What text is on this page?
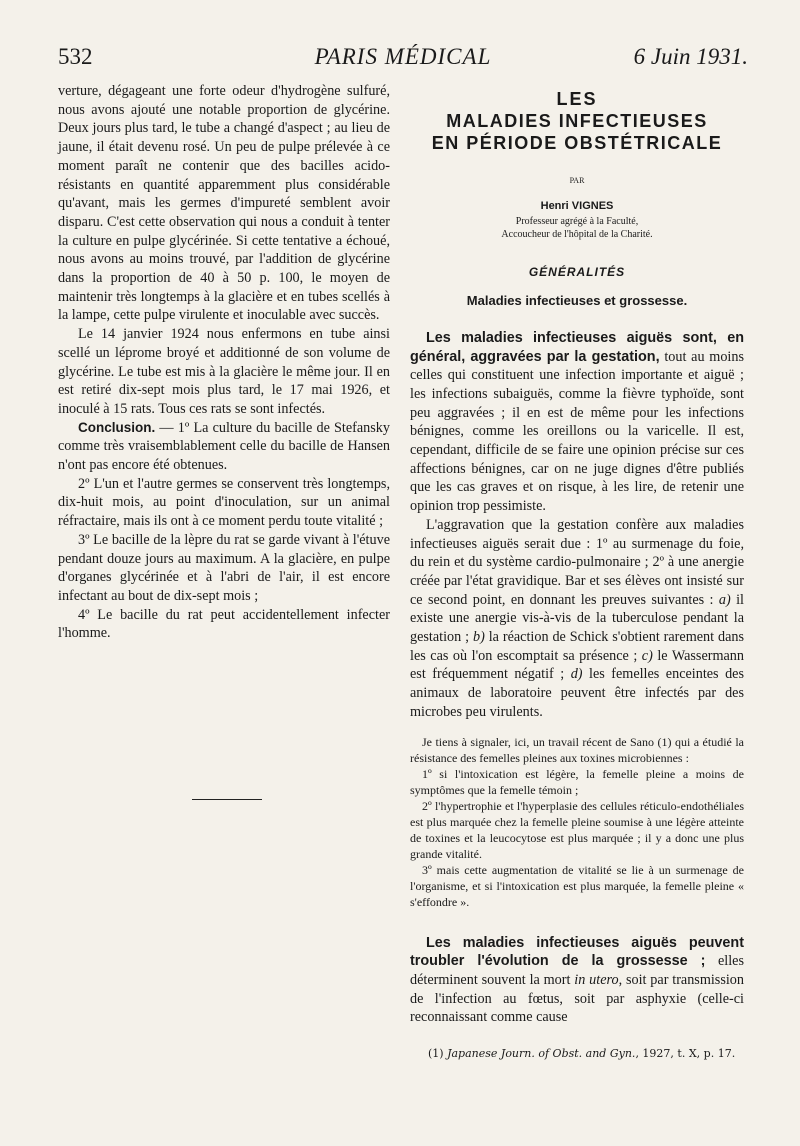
532	PARIS MÉDICAL	6 Juin 1931.

verture, dégageant une forte odeur d'hydrogène sulfuré, nous avons ajouté une notable proportion de glycérine. Deux jours plus tard, le tube a changé d'aspect ; au lieu de jaune, il était devenu rosé. Un peu de pulpe prélevée à ce moment paraît ne contenir que des bacilles acido-résistants en quantité apparemment plus considérable qu'avant, mais les germes d'impureté semblent avoir disparu. C'est cette observation qui nous a conduit à tenter la culture en pulpe glycérinée. Si cette tentative a échoué, nous avons au moins trouvé, par l'addition de glycérine dans la proportion de 40 à 50 p. 100, le moyen de maintenir très longtemps à la glacière et en tubes scellés à la lampe, cette pulpe virulente et inoculable avec succès.

Le 14 janvier 1924 nous enfermons en tube ainsi scellé un léprome broyé et additionné de son volume de glycérine. Le tube est mis à la glacière le même jour. Il en est retiré dix-sept mois plus tard, le 17 mai 1926, et inoculé à 15 rats. Tous ces rats se sont infectés.

Conclusion. — 1º La culture du bacille de Stefansky comme très vraisemblablement celle du bacille de Hansen n'ont pas encore été obtenues.

2º L'un et l'autre germes se conservent très longtemps, dix-huit mois, au point d'inoculation, sur un animal réfractaire, mais ils ont à ce moment perdu toute vitalité ;

3º Le bacille de la lèpre du rat se garde vivant à l'étuve pendant douze jours au maximum. A la glacière, en pulpe d'organes glycérinée et à l'abri de l'air, il est encore infectant au bout de dix-sept mois ;

4º Le bacille du rat peut accidentellement infecter l'homme.

LES
MALADIES INFECTIEUSES
EN PÉRIODE OBSTÉTRICALE
PAR
Henri VIGNES
Professeur agrégé à la Faculté,
Accoucheur de l'hôpital de la Charité.
GÉNÉRALITÉS
Maladies infectieuses et grossesse.

Les maladies infectieuses aiguës sont, en général, aggravées par la gestation, tout au moins celles qui constituent une infection importante et aiguë ; les infections subaiguës, comme la fièvre typhoïde, sont peu aggravées ; il en est de même pour les infections bénignes, comme les oreillons ou la varicelle. Il est, cependant, difficile de se faire une opinion précise sur ces affections bénignes, car on ne juge dignes d'être publiés que les cas graves et on risque, à les lire, de retenir une opinion trop pessimiste.

L'aggravation que la gestation confère aux maladies infectieuses aiguës serait due : 1º au surmenage du foie, du rein et du système cardio-pulmonaire ; 2º à une anergie créée par l'état gravidique. Bar et ses élèves ont insisté sur ce second point, en donnant les preuves suivantes : a) il existe une anergie vis-à-vis de la tuberculose pendant la gestation ; b) la réaction de Schick s'obtient rarement dans les cas où l'on escomptait sa présence ; c) le Wassermann est fréquemment négatif ; d) les femelles enceintes des animaux de laboratoire peuvent être infectés par des microbes peu virulents.

Je tiens à signaler, ici, un travail récent de Sano (1) qui a étudié la résistance des femelles pleines aux toxines microbiennes :

1º si l'intoxication est légère, la femelle pleine a moins de symptômes que la femelle témoin ;

2º l'hypertrophie et l'hyperplasie des cellules réticulo-endothéliales est plus marquée chez la femelle pleine soumise à une légère atteinte de toxines et la leucocytose est plus marquée ; il y a donc une plus grande vitalité.

3º mais cette augmentation de vitalité se lie à un surmenage de l'organisme, et si l'intoxication est plus marquée, la femelle pleine « s'effondre ».

Les maladies infectieuses aiguës peuvent troubler l'évolution de la grossesse ; elles déterminent souvent la mort in utero, soit par transmission de l'infection au fœtus, soit par asphyxie (celle-ci reconnaissant comme cause

(1) Japanese Journ. of Obst. and Gyn., 1927, t. X, p. 17.
